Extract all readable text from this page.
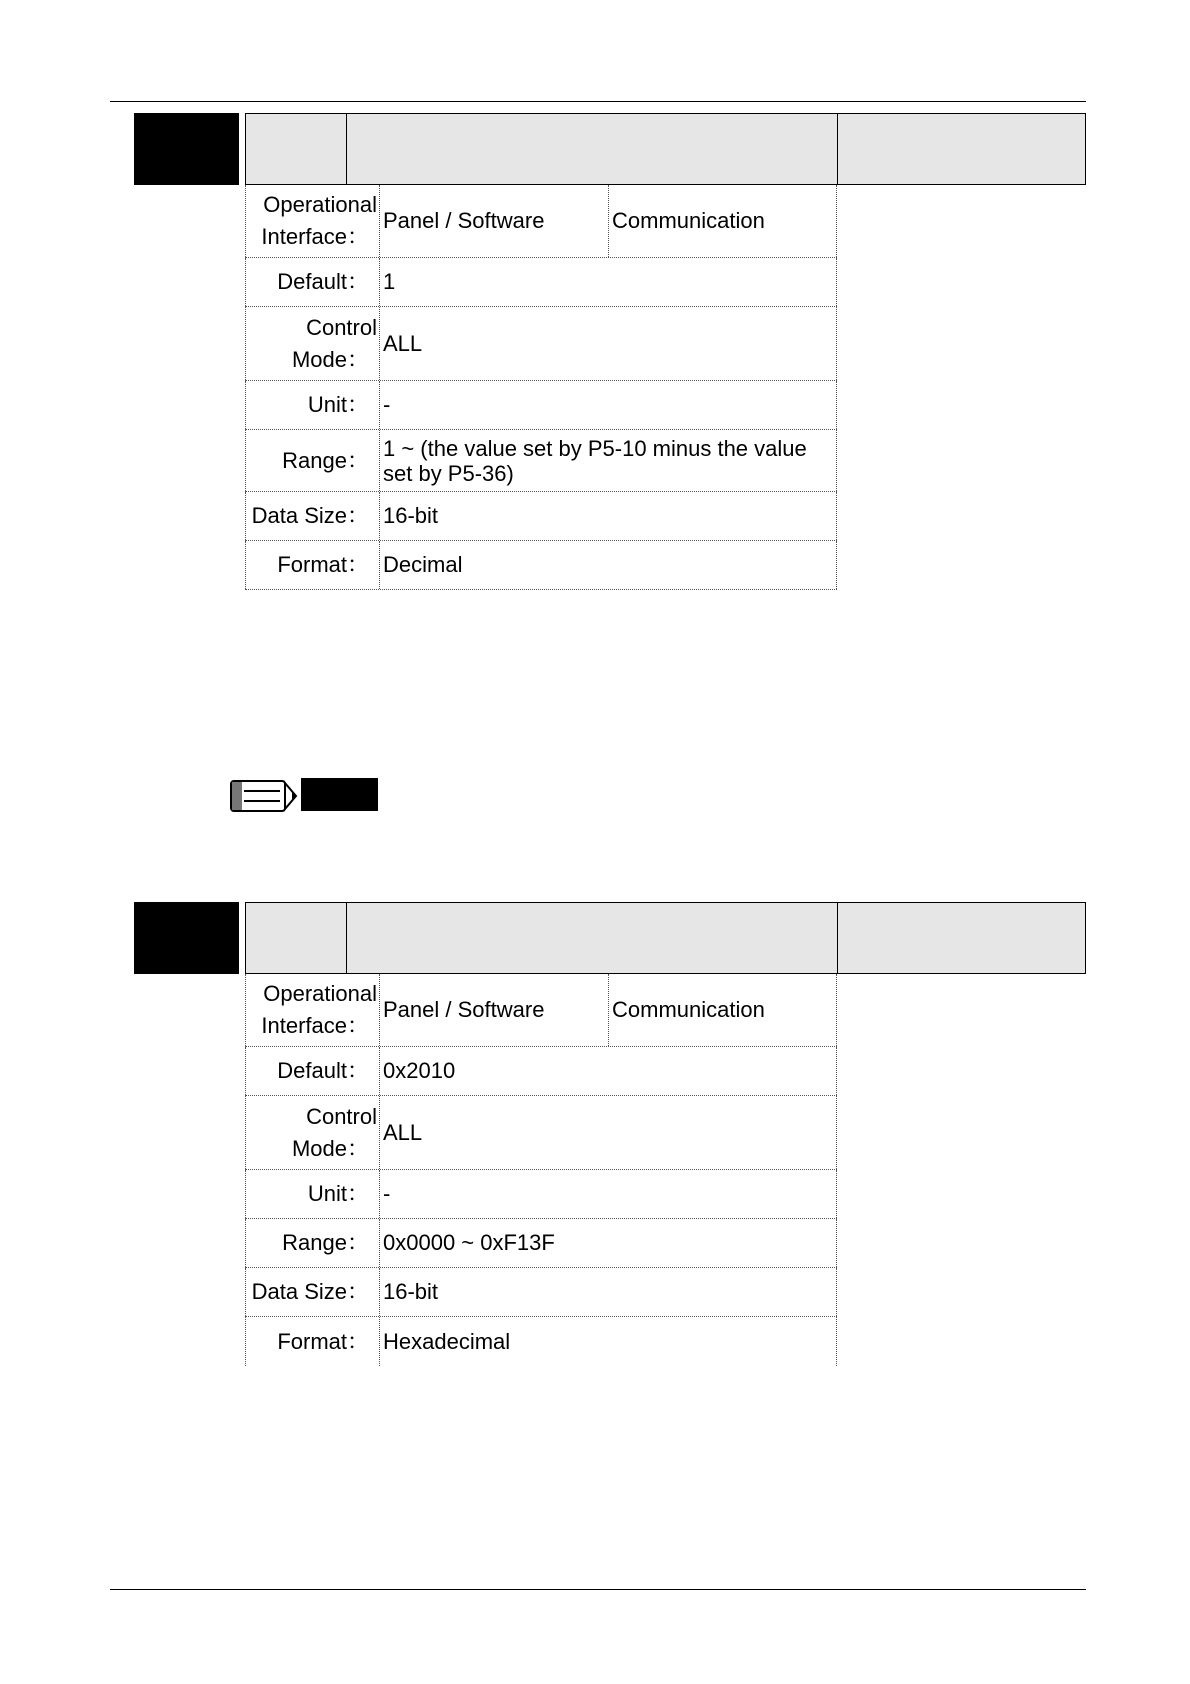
Operational
Interface：
Panel / Software	Communication
Default： 1
Control
Mode：
ALL
Unit： -
Range： 1 ~ (the value set by P5-10 minus the value set by P5-36)
Data Size： 16-bit
Format： Decimal
Operational
Interface：
Panel / Software	Communication
Default： 0x2010
Control
Mode：
ALL
Unit： -
Range： 0x0000 ~ 0xF13F
Data Size： 16-bit
Format： Hexadecimal
